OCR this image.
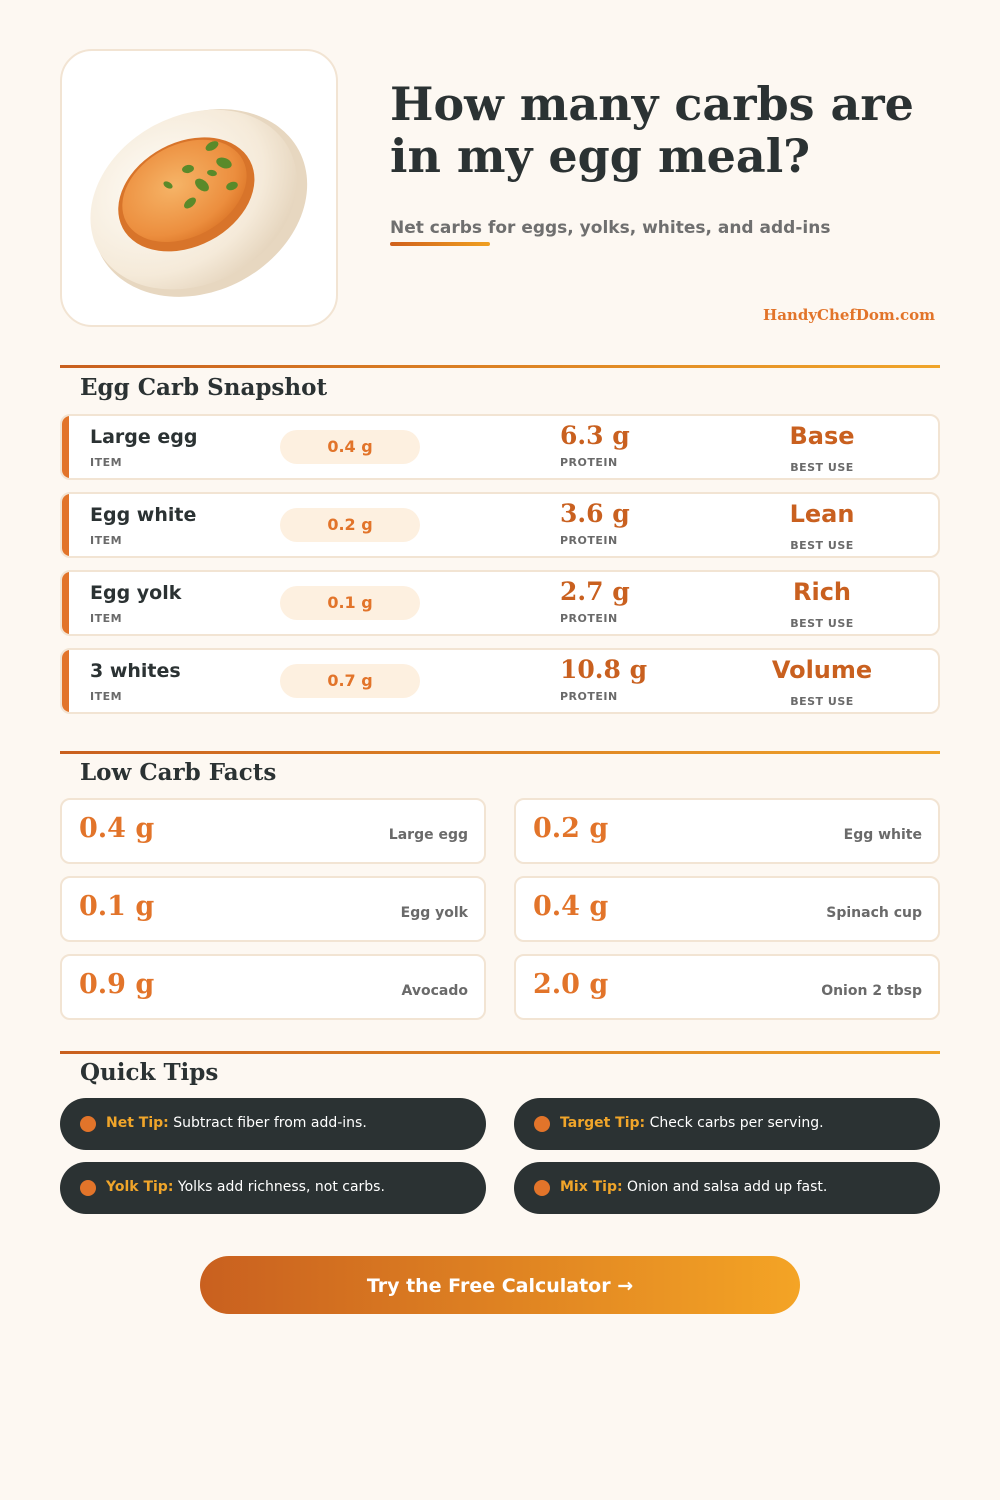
How many carbs are
in my egg meal?
Net carbs for eggs, yolks, whites, and add-ins
HandyChefDom.com
Egg Carb Snapshot
Large egg
ITEM
0.4 g	6.3 g
PROTEIN
Base
BEST USE
Egg white
ITEM
0.2 g	3.6 g
PROTEIN
Lean
BEST USE
Egg yolk
ITEM
0.1 g	2.7 g
PROTEIN
Rich
BEST USE
3 whites
ITEM
0.7 g	10.8 g
PROTEIN
Volume
BEST USE
Low Carb Facts
0.4 g	Large egg 0.2 g	Egg white
0.1 g	Egg yolk 0.4 g	Spinach cup
0.9 g	Avocado 2.0 g	Onion 2 tbsp
Quick Tips
Net Tip: Subtract fiber from add-ins.	Target Tip: Check carbs per serving.
Yolk Tip: Yolks add richness, not carbs.	Mix Tip: Onion and salsa add up fast.
Try the Free Calculator →
